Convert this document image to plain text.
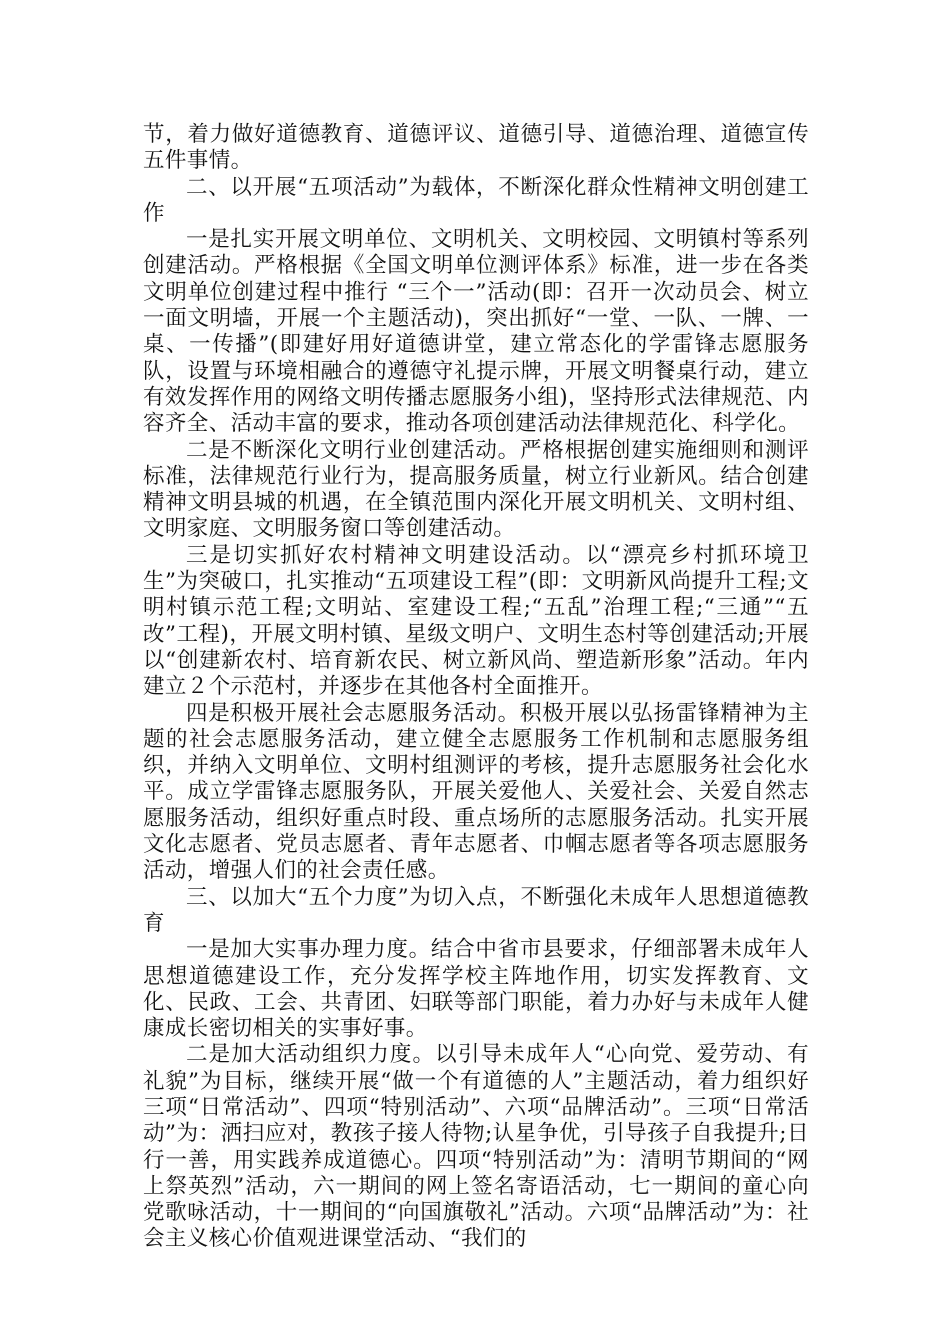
节，着力做好道德教育、道德评议、道德引导、道德治理、道德宣传五件事情。

二、以开展“五项活动”为载体，不断深化群众性精神文明创建工作

一是扎实开展文明单位、文明机关、文明校园、文明镇村等系列创建活动。严格根据《全国文明单位测评体系》标准，进一步在各类文明单位创建过程中推行 “三个一”活动(即：召开一次动员会、树立一面文明墙，开展一个主题活动)，突出抓好“一堂、一队、一牌、一桌、一传播”(即建好用好道德讲堂，建立常态化的学雷锋志愿服务队，设置与环境相融合的遵德守礼提示牌，开展文明餐桌行动，建立有效发挥作用的网络文明传播志愿服务小组)，坚持形式法律规范、内容齐全、活动丰富的要求，推动各项创建活动法律规范化、科学化。

二是不断深化文明行业创建活动。严格根据创建实施细则和测评标准，法律规范行业行为，提高服务质量，树立行业新风。结合创建精神文明县城的机遇，在全镇范围内深化开展文明机关、文明村组、文明家庭、文明服务窗口等创建活动。

三是切实抓好农村精神文明建设活动。以“漂亮乡村抓环境卫生”为突破口，扎实推动“五项建设工程”(即：文明新风尚提升工程;文明村镇示范工程;文明站、室建设工程;“五乱”治理工程;“三通”“五改”工程)，开展文明村镇、星级文明户、文明生态村等创建活动;开展以“创建新农村、培育新农民、树立新风尚、塑造新形象”活动。年内建立２个示范村，并逐步在其他各村全面推开。

四是积极开展社会志愿服务活动。积极开展以弘扬雷锋精神为主题的社会志愿服务活动，建立健全志愿服务工作机制和志愿服务组织，并纳入文明单位、文明村组测评的考核，提升志愿服务社会化水平。成立学雷锋志愿服务队，开展关爱他人、关爱社会、关爱自然志愿服务活动，组织好重点时段、重点场所的志愿服务活动。扎实开展文化志愿者、党员志愿者、青年志愿者、巾帼志愿者等各项志愿服务活动，增强人们的社会责任感。

三、以加大“五个力度”为切入点，不断强化未成年人思想道德教育

一是加大实事办理力度。结合中省市县要求，仔细部署未成年人思想道德建设工作，充分发挥学校主阵地作用，切实发挥教育、文化、民政、工会、共青团、妇联等部门职能，着力办好与未成年人健康成长密切相关的实事好事。

二是加大活动组织力度。以引导未成年人“心向党、爱劳动、有礼貌”为目标，继续开展“做一个有道德的人”主题活动，着力组织好三项“日常活动”、四项“特别活动”、六项“品牌活动”。三项“日常活动”为：洒扫应对，教孩子接人待物;认星争优，引导孩子自我提升;日行一善，用实践养成道德心。四项“特别活动”为：清明节期间的“网上祭英烈”活动，六一期间的网上签名寄语活动，七一期间的童心向党歌咏活动，十一期间的“向国旗敬礼”活动。六项“品牌活动”为：社会主义核心价值观进课堂活动、“我们的
